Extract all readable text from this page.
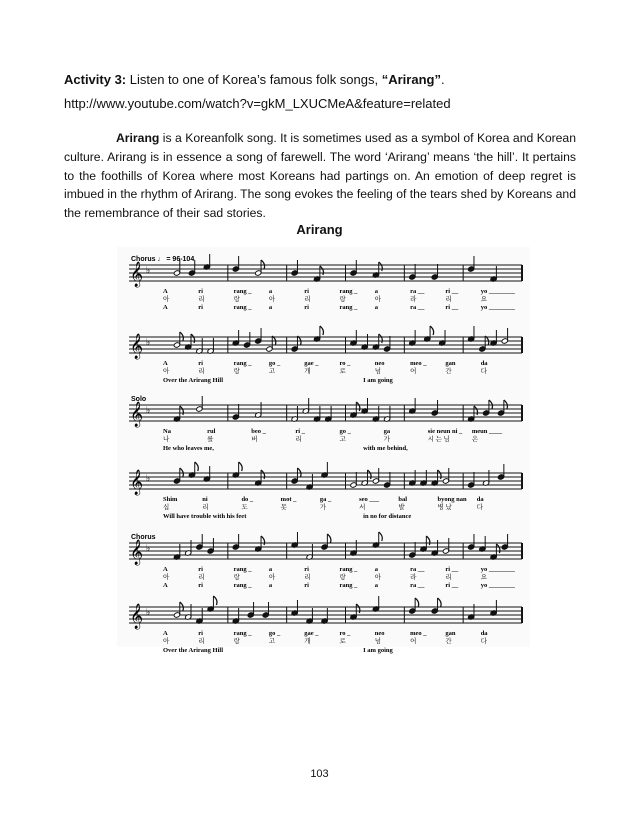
Activity 3: Listen to one of Korea’s famous folk songs, “Arirang”.
http://www.youtube.com/watch?v=gkM_LXUCMeA&feature=related
Arirang is a Koreanfolk song. It is sometimes used as a symbol of Korea and Korean culture. Arirang is in essence a song of farewell. The word ‘Arirang’ means ‘the hill’. It pertains to the foothills of Korea where most Koreans had partings on. An emotion of deep regret is imbued in the rhythm of Arirang. The song evokes the feeling of the tears shed by Koreans and the remembrance of their sad stories.
Arirang
Chorus ♩ = 96-104
𝄞 ♭
A	ri	rang _	a	ri	rang _	a	ra __	ri __	yo ________
아	리	랑	아	리	랑	아	라	리	요
A	ri	rang _	a	ri	rang _	a	ra __	ri __	yo ________
𝄞 ♭
A	ri	rang _	go _	gae _	ro _	neo	meo _	gan	da
아	리	랑	고	개	로	넘	어	간	다
Over the Arirang Hill	I am going
Solo
𝄞 ♭
Na	rul	beo _	ri _	go _	ga	sie neun ni _ meun ____
나	를	버	리	고	가	시 는 님	은
He who leaves me,	with me behind,
𝄞 ♭
Shim	ni	do _	mot _	ga _	seo ___	bal	byong nan da
십	리	도	못	가	서	발	병 났	다
Will have trouble with his feet	in no for distance
Chorus
𝄞 ♭
A	ri	rang _	a	ri	rang _	a	ra __	ri __	yo ________
아	리	랑	아	리	랑	아	라	리	요
A	ri	rang _	a	ri	rang _	a	ra __	ri __	yo ________
𝄞 ♭
A	ri	rang _	go _	gae _	ro _	neo	meo _	gan	da
아	리	랑	고	개	로	넘	어	간	다
Over the Arirang Hill	I am going
103
